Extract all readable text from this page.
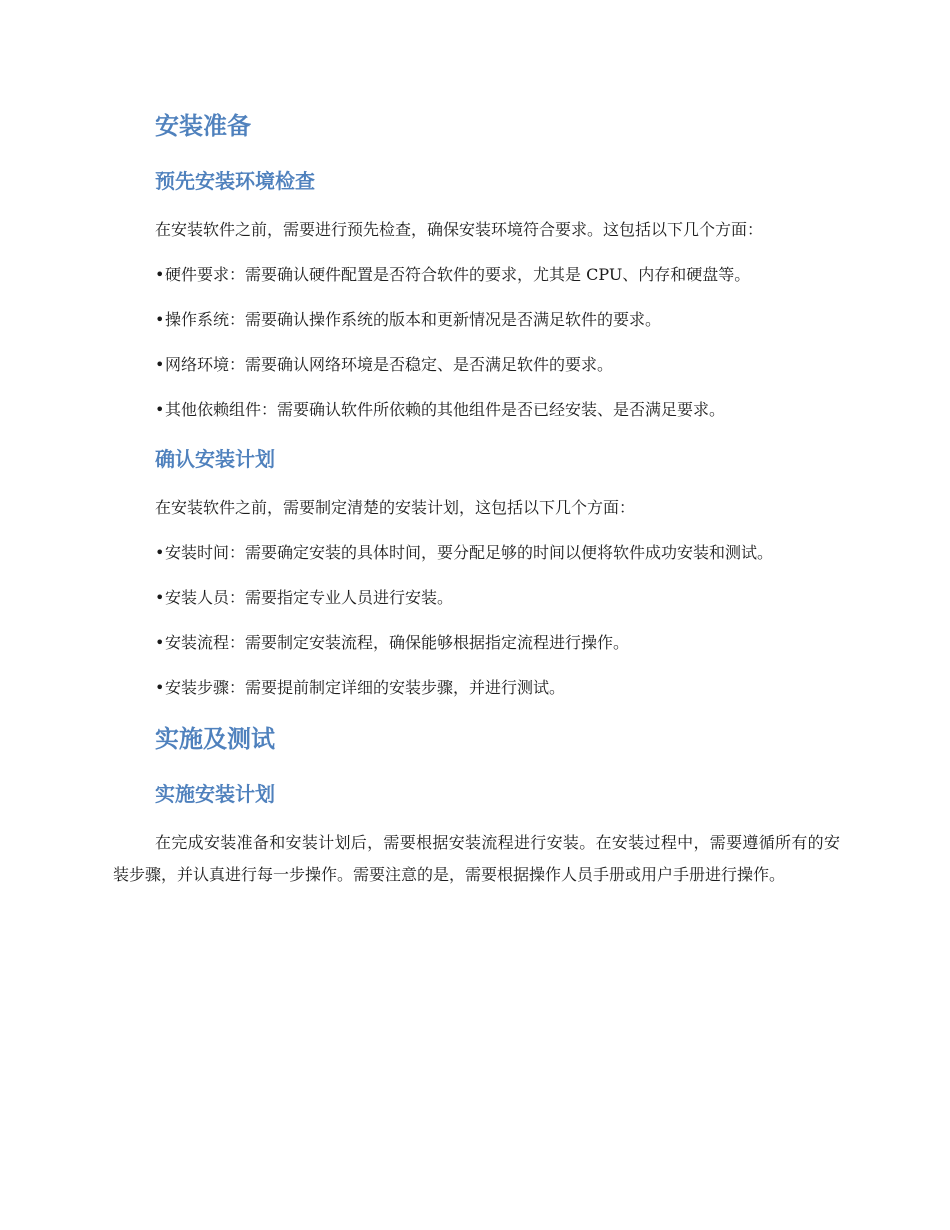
安装准备
预先安装环境检查

在安装软件之前，需要进行预先检查，确保安装环境符合要求。这包括以下几个方面：

•硬件要求：需要确认硬件配置是否符合软件的要求，尤其是 CPU、内存和硬盘等。

•操作系统：需要确认操作系统的版本和更新情况是否满足软件的要求。

•网络环境：需要确认网络环境是否稳定、是否满足软件的要求。

•其他依赖组件：需要确认软件所依赖的其他组件是否已经安装、是否满足要求。

确认安装计划

在安装软件之前，需要制定清楚的安装计划，这包括以下几个方面：

•安装时间：需要确定安装的具体时间，要分配足够的时间以便将软件成功安装和测试。

•安装人员：需要指定专业人员进行安装。

•安装流程：需要制定安装流程，确保能够根据指定流程进行操作。

•安装步骤：需要提前制定详细的安装步骤，并进行测试。

实施及测试
实施安装计划

在完成安装准备和安装计划后，需要根据安装流程进行安装。在安装过程中，需要遵循所有的安装步骤，并认真进行每一步操作。需要注意的是，需要根据操作人员手册或用户手册进行操作。
